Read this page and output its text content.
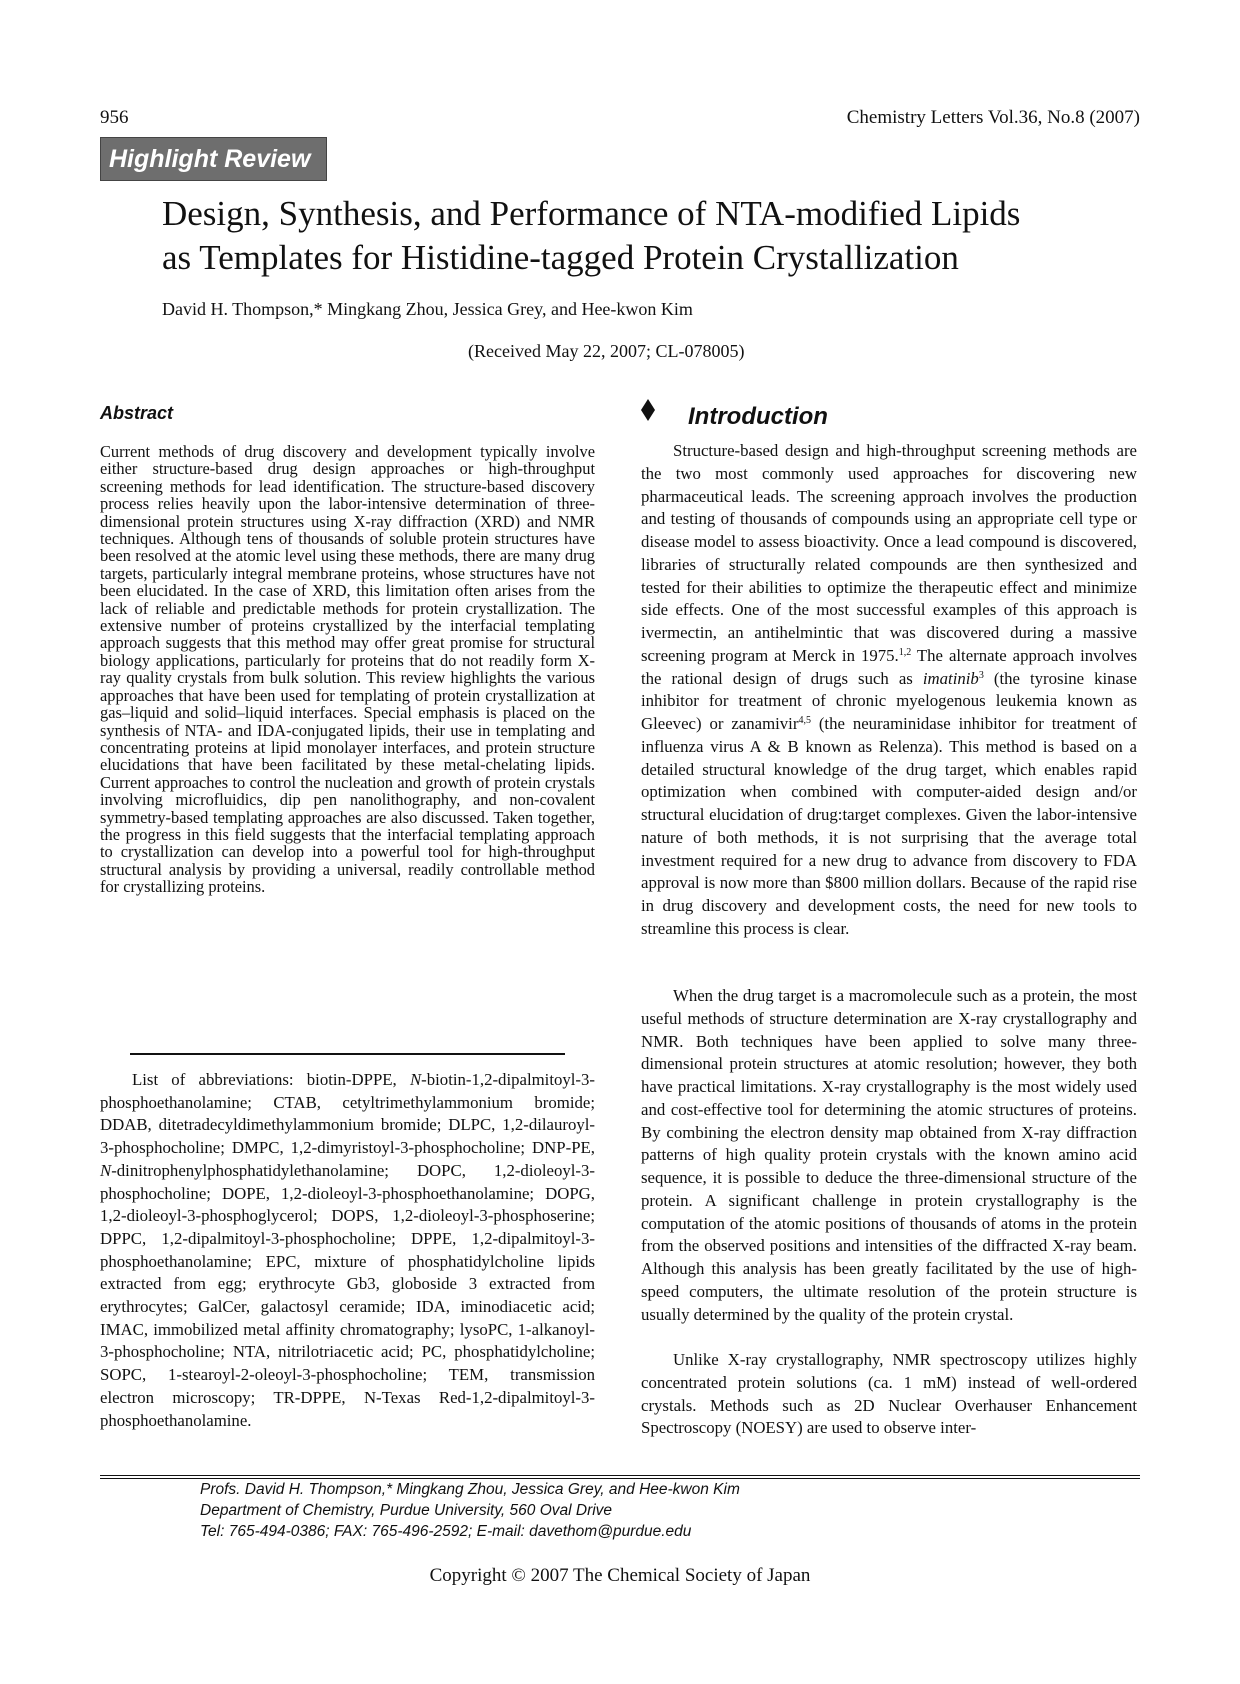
956	Chemistry Letters Vol.36, No.8 (2007)
Highlight Review
Design, Synthesis, and Performance of NTA-modified Lipids
as Templates for Histidine-tagged Protein Crystallization
David H. Thompson,* Mingkang Zhou, Jessica Grey, and Hee-kwon Kim
(Received May 22, 2007; CL-078005)
Abstract

Current methods of drug discovery and development typically involve either structure-based drug design approaches or high-throughput screening methods for lead identification. The structure-based discovery process relies heavily upon the labor-intensive determination of three-dimensional protein structures using X-ray diffraction (XRD) and NMR techniques. Although tens of thousands of soluble protein structures have been resolved at the atomic level using these methods, there are many drug targets, particularly integral membrane proteins, whose structures have not been elucidated. In the case of XRD, this limitation often arises from the lack of reliable and predictable methods for protein crystallization. The extensive number of proteins crystallized by the interfacial templating approach suggests that this method may offer great promise for structural biology applications, particularly for proteins that do not readily form X-ray quality crystals from bulk solution. This review highlights the various approaches that have been used for templating of protein crystallization at gas–liquid and solid–liquid interfaces. Special emphasis is placed on the synthesis of NTA- and IDA-conjugated lipids, their use in templating and concentrating proteins at lipid monolayer interfaces, and protein structure elucidations that have been facilitated by these metal-chelating lipids. Current approaches to control the nucleation and growth of protein crystals involving microfluidics, dip pen nanolithography, and non-covalent symmetry-based templating approaches are also discussed. Taken together, the progress in this field suggests that the interfacial templating approach to crystallization can develop into a powerful tool for high-throughput structural analysis by providing a universal, readily controllable method for crystallizing proteins.

List of abbreviations: biotin-DPPE, N-biotin-1,2-dipalmitoyl-3-phosphoethanolamine; CTAB, cetyltrimethylammonium bromide; DDAB, ditetradecyldimethylammonium bromide; DLPC, 1,2-dilauroyl-3-phosphocholine; DMPC, 1,2-dimyristoyl-3-phosphocholine; DNP-PE, N-dinitrophenylphosphatidylethanolamine; DOPC, 1,2-dioleoyl-3-phosphocholine; DOPE, 1,2-dioleoyl-3-phosphoethanolamine; DOPG, 1,2-dioleoyl-3-phosphoglycerol; DOPS, 1,2-dioleoyl-3-phosphoserine; DPPC, 1,2-dipalmitoyl-3-phosphocholine; DPPE, 1,2-dipalmitoyl-3-phosphoethanolamine; EPC, mixture of phosphatidylcholine lipids extracted from egg; erythrocyte Gb3, globoside 3 extracted from erythrocytes; GalCer, galactosyl ceramide; IDA, iminodiacetic acid; IMAC, immobilized metal affinity chromatography; lysoPC, 1-alkanoyl-3-phosphocholine; NTA, nitrilotriacetic acid; PC, phosphatidylcholine; SOPC, 1-stearoyl-2-oleoyl-3-phosphocholine; TEM, transmission electron microscopy; TR-DPPE, N-Texas Red-1,2-dipalmitoyl-3-phosphoethanolamine.

Introduction

Structure-based design and high-throughput screening methods are the two most commonly used approaches for discovering new pharmaceutical leads. The screening approach involves the production and testing of thousands of compounds using an appropriate cell type or disease model to assess bioactivity. Once a lead compound is discovered, libraries of structurally related compounds are then synthesized and tested for their abilities to optimize the therapeutic effect and minimize side effects. One of the most successful examples of this approach is ivermectin, an antihelmintic that was discovered during a massive screening program at Merck in 1975.$^{1,2}$ The alternate approach involves the rational design of drugs such as imatinib$^3$ (the tyrosine kinase inhibitor for treatment of chronic myelogenous leukemia known as Gleevec) or zanamivir$^{4,5}$ (the neuraminidase inhibitor for treatment of influenza virus A & B known as Relenza). This method is based on a detailed structural knowledge of the drug target, which enables rapid optimization when combined with computer-aided design and/or structural elucidation of drug:target complexes. Given the labor-intensive nature of both methods, it is not surprising that the average total investment required for a new drug to advance from discovery to FDA approval is now more than $800 million dollars. Because of the rapid rise in drug discovery and development costs, the need for new tools to streamline this process is clear.

When the drug target is a macromolecule such as a protein, the most useful methods of structure determination are X-ray crystallography and NMR. Both techniques have been applied to solve many three-dimensional protein structures at atomic resolution; however, they both have practical limitations. X-ray crystallography is the most widely used and cost-effective tool for determining the atomic structures of proteins. By combining the electron density map obtained from X-ray diffraction patterns of high quality protein crystals with the known amino acid sequence, it is possible to deduce the three-dimensional structure of the protein. A significant challenge in protein crystallography is the computation of the atomic positions of thousands of atoms in the protein from the observed positions and intensities of the diffracted X-ray beam. Although this analysis has been greatly facilitated by the use of high-speed computers, the ultimate resolution of the protein structure is usually determined by the quality of the protein crystal.

Unlike X-ray crystallography, NMR spectroscopy utilizes highly concentrated protein solutions (ca. 1 mM) instead of well-ordered crystals. Methods such as 2D Nuclear Overhauser Enhancement Spectroscopy (NOESY) are used to observe inter-

Profs. David H. Thompson,* Mingkang Zhou, Jessica Grey, and Hee-kwon Kim
Department of Chemistry, Purdue University, 560 Oval Drive
Tel: 765-494-0386; FAX: 765-496-2592; E-mail: davethom@purdue.edu
Copyright © 2007 The Chemical Society of Japan
